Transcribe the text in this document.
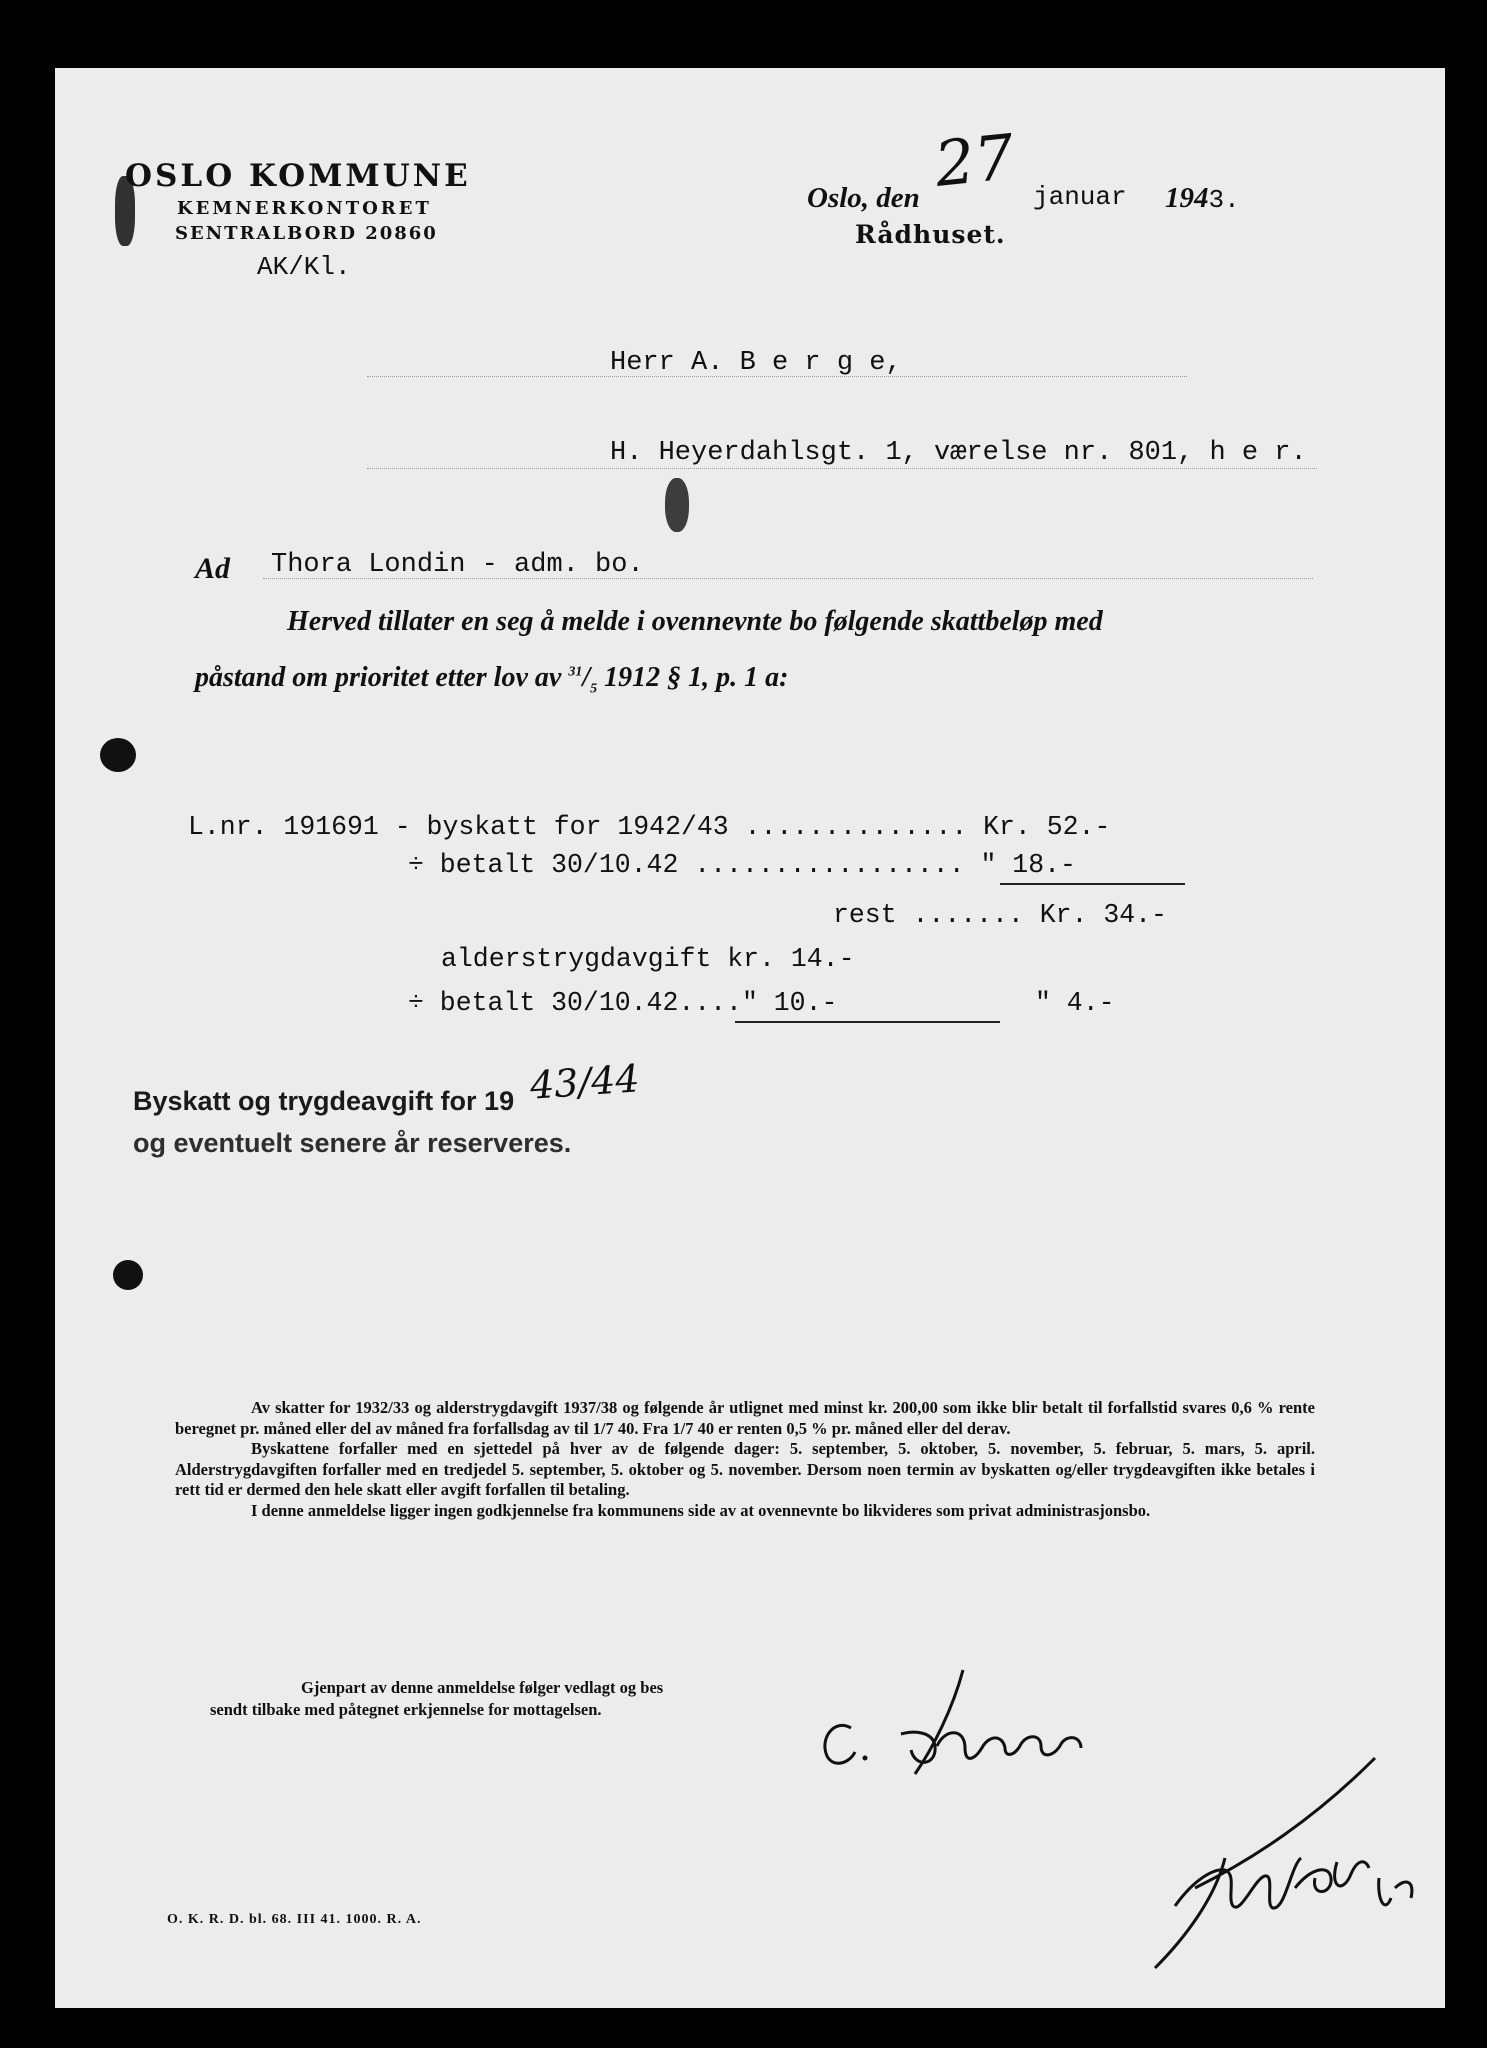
OSLO KOMMUNE
KEMNERKONTORET
SENTRALBORD 20860
AK/Kl.
Oslo, den 27 januar 1943.
Rådhuset.
Herr A. B e r g e,
H. Heyerdahlsgt. 1, værelse nr. 801, h e r.
Ad Thora Londin - adm. bo.
Herved tillater en seg å melde i ovennevnte bo følgende skattbeløp med
påstand om prioritet etter lov av $^{31}/_5$ 1912 § 1, p. 1 a:
L.nr. 191691 - byskatt for 1942/43 .............. Kr. 52.-
÷ betalt 30/10.42 ................. " 18.-
rest ....... Kr. 34.-
alderstrygdavgift kr. 14.-
÷ betalt 30/10.42...." 10.-	" 4.-
Byskatt og trygdeavgift for 19 43/44
og eventuelt senere år reserveres.

Av skatter for 1932/33 og alderstrygdavgift 1937/38 og følgende år utlignet med minst kr. 200,00 som ikke blir betalt til forfallstid svares 0,6 % rente beregnet pr. måned eller del av måned fra forfallsdag av til 1/7 40. Fra 1/7 40 er renten 0,5 % pr. måned eller del derav.

Byskattene forfaller med en sjettedel på hver av de følgende dager: 5. september, 5. oktober, 5. november, 5. februar, 5. mars, 5. april. Alderstrygdavgiften forfaller med en tredjedel 5. september, 5. oktober og 5. november. Dersom noen termin av byskatten og/eller trygdeavgiften ikke betales i rett tid er dermed den hele skatt eller avgift forfallen til betaling.

I denne anmeldelse ligger ingen godkjennelse fra kommunens side av at ovennevnte bo likvideres som privat administrasjonsbo.

Gjenpart av denne anmeldelse følger vedlagt og bes
sendt tilbake med påtegnet erkjennelse for mottagelsen.
O. K. R. D. bl. 68. III 41. 1000. R. A.
